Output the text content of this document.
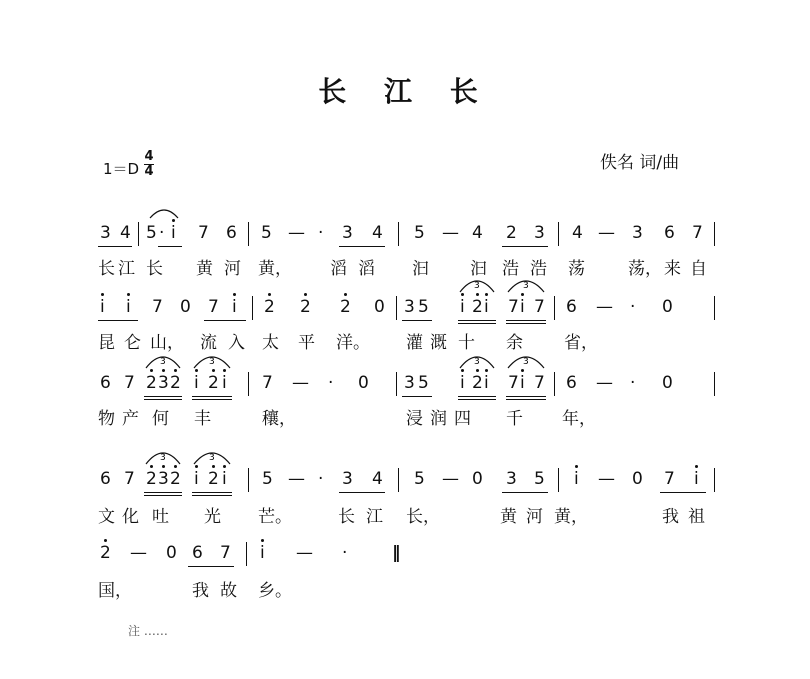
长 江 长
佚名 词/曲
1＝D
4
4
3 4 5 · i 7 6 5 — · 3 4 5 — 4 2 3 4 — 3 6 7
长 江 长 黄 河 黄， 滔 滔 汩 汩 浩 浩 荡	荡， 来 自
i i 7 0 7 i 2 2 2 0 3 5 i 2 i
3
7 i 7
3
6 — · 0
昆 仑 山， 流 入 太 平 洋。 灌 溉 十 余 省，
6 7 2 3 2
3
i 2 i
3
7 — · 0 3 5 i 2 i
3
7 i 7
3
6 — · 0
物 产 何 丰	穰，	浸 润 四 千 年，
6 7 2 3 2
3
i 2 i
3
5 — · 3 4 5 — 0 3 5 i — 0 7 i
文 化 吐 光 芒。	长 江 长，	黄 河 黄，	我 祖
2 — 0 6 7 i — ·	‖
国，	我 故 乡。
注 ……
